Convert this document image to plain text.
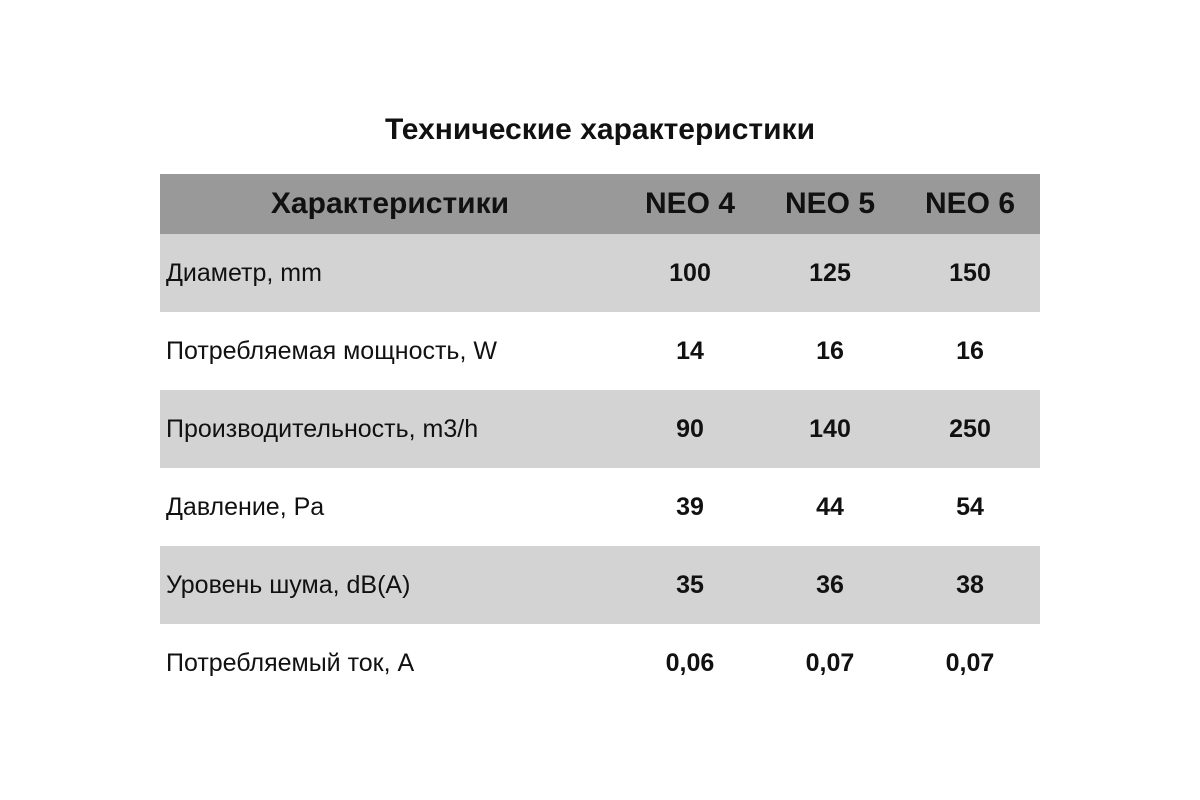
Технические характеристики
Характеристики	NEO 4	NEO 5	NEO 6
Диаметр, mm	100	125	150
Потребляемая мощность, W	14	16	16
Производительность, m3/h	90	140	250
Давление, Pa	39	44	54
Уровень шума, dB(A)	35	36	38
Потребляемый ток, A	0,06	0,07	0,07
